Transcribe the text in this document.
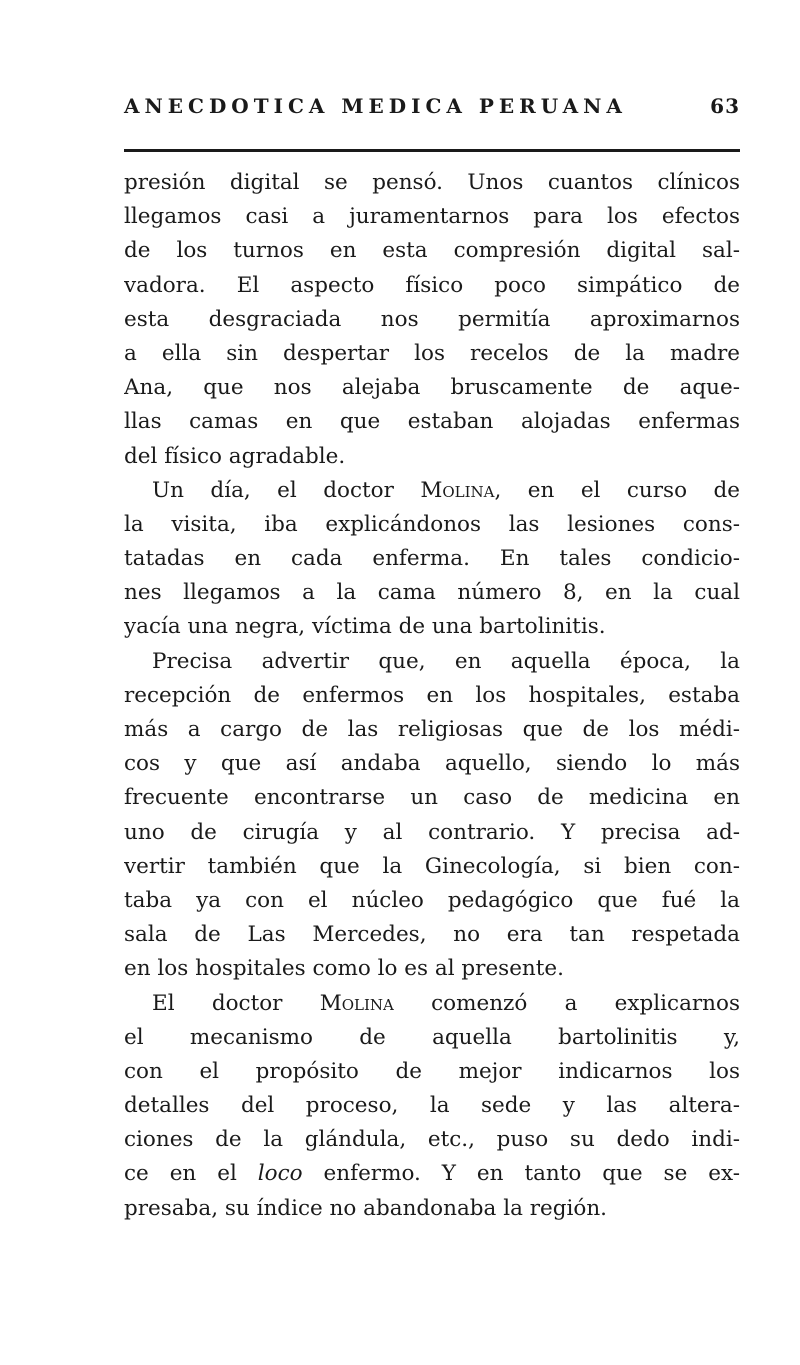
ANECDOTICA MEDICA PERUANA	63
presión digital se pensó. Unos cuantos clínicos
llegamos casi a juramentarnos para los efectos
de los turnos en esta compresión digital sal-
vadora. El aspecto físico poco simpático de
esta desgraciada nos permitía aproximarnos
a ella sin despertar los recelos de la madre
Ana, que nos alejaba bruscamente de aque-
llas camas en que estaban alojadas enfermas
del físico agradable.
Un día, el doctor Molina, en el curso de
la visita, iba explicándonos las lesiones cons-
tatadas en cada enferma. En tales condicio-
nes llegamos a la cama número 8, en la cual
yacía una negra, víctima de una bartolinitis.
Precisa advertir que, en aquella época, la
recepción de enfermos en los hospitales, estaba
más a cargo de las religiosas que de los médi-
cos y que así andaba aquello, siendo lo más
frecuente encontrarse un caso de medicina en
uno de cirugía y al contrario. Y precisa ad-
vertir también que la Ginecología, si bien con-
taba ya con el núcleo pedagógico que fué la
sala de Las Mercedes, no era tan respetada
en los hospitales como lo es al presente.
El doctor Molina comenzó a explicarnos
el mecanismo de aquella bartolinitis y,
con el propósito de mejor indicarnos los
detalles del proceso, la sede y las altera-
ciones de la glándula, etc., puso su dedo indi-
ce en el loco enfermo. Y en tanto que se ex-
presaba, su índice no abandonaba la región.
